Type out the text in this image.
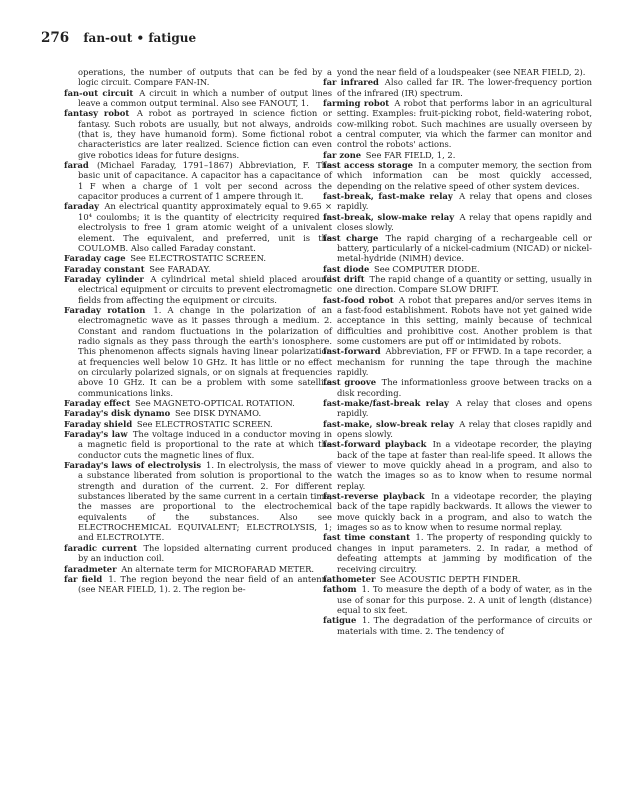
276 fan-out • fatigue

operations, the number of outputs that can be fed by a logic circuit. Compare FAN-IN.

fan-out circuit A circuit in which a number of output lines leave a common output terminal. Also see FANOUT, 1.

fantasy robot A robot as portrayed in science fiction or fantasy. Such robots are usually, but not always, androids (that is, they have humanoid form). Some fictional robot characteristics are later realized. Science fiction can even give robotics ideas for future designs.

farad (Michael Faraday, 1791–1867) Abbreviation, F. The basic unit of capacitance. A capacitor has a capacitance of 1 F when a charge of 1 volt per second across the capacitor produces a current of 1 ampere through it.

faraday An electrical quantity approximately equal to 9.65 × 10⁴ coulombs; it is the quantity of electricity required in electrolysis to free 1 gram atomic weight of a univalent element. The equivalent, and preferred, unit is the COULOMB. Also called Faraday constant.

Faraday cage See ELECTROSTATIC SCREEN.

Faraday constant See FARADAY.

Faraday cylinder A cylindrical metal shield placed around electrical equipment or circuits to prevent electromagnetic fields from affecting the equipment or circuits.

Faraday rotation 1. A change in the polarization of an electromagnetic wave as it passes through a medium. 2. Constant and random fluctuations in the polarization of radio signals as they pass through the earth's ionosphere. This phenomenon affects signals having linear polarization at frequencies well below 10 GHz. It has little or no effect on circularly polarized signals, or on signals at frequencies above 10 GHz. It can be a problem with some satellite communications links.

Faraday effect See MAGNETO-OPTICAL ROTATION.

Faraday's disk dynamo See DISK DYNAMO.

Faraday shield See ELECTROSTATIC SCREEN.

Faraday's law The voltage induced in a conductor moving in a magnetic field is proportional to the rate at which the conductor cuts the magnetic lines of flux.

Faraday's laws of electrolysis 1. In electrolysis, the mass of a substance liberated from solution is proportional to the strength and duration of the current. 2. For different substances liberated by the same current in a certain time, the masses are proportional to the electrochemical equivalents of the substances. Also see ELECTROCHEMICAL EQUIVALENT; ELECTROLYSIS, 1; and ELECTROLYTE.

faradic current The lopsided alternating current produced by an induction coil.

faradmeter An alternate term for MICROFARAD METER.

far field 1. The region beyond the near field of an antenna (see NEAR FIELD, 1). 2. The region be-

yond the near field of a loudspeaker (see NEAR FIELD, 2).

far infrared Also called far IR. The lower-frequency portion of the infrared (IR) spectrum.

farming robot A robot that performs labor in an agricultural setting. Examples: fruit-picking robot, field-watering robot, cow-milking robot. Such machines are usually overseen by a central computer, via which the farmer can monitor and control the robots' actions.

far zone See FAR FIELD, 1, 2.

fast access storage In a computer memory, the section from which information can be most quickly accessed, depending on the relative speed of other system devices.

fast-break, fast-make relay A relay that opens and closes rapidly.

fast-break, slow-make relay A relay that opens rapidly and closes slowly.

fast charge The rapid charging of a rechargeable cell or battery, particularly of a nickel-cadmium (NICAD) or nickel-metal-hydride (NiMH) device.

fast diode See COMPUTER DIODE.

fast drift The rapid change of a quantity or setting, usually in one direction. Compare SLOW DRIFT.

fast-food robot A robot that prepares and/or serves items in a fast-food establishment. Robots have not yet gained wide acceptance in this setting, mainly because of technical difficulties and prohibitive cost. Another problem is that some customers are put off or intimidated by robots.

fast-forward Abbreviation, FF or FFWD. In a tape recorder, a mechanism for running the tape through the machine rapidly.

fast groove The informationless groove between tracks on a disk recording.

fast-make/fast-break relay A relay that closes and opens rapidly.

fast-make, slow-break relay A relay that closes rapidly and opens slowly.

fast-forward playback In a videotape recorder, the playing back of the tape at faster than real-life speed. It allows the viewer to move quickly ahead in a program, and also to watch the images so as to know when to resume normal replay.

fast-reverse playback In a videotape recorder, the playing back of the tape rapidly backwards. It allows the viewer to move quickly back in a program, and also to watch the images so as to know when to resume normal replay.

fast time constant 1. The property of responding quickly to changes in input parameters. 2. In radar, a method of defeating attempts at jamming by modification of the receiving circuitry.

fathometer See ACOUSTIC DEPTH FINDER.

fathom 1. To measure the depth of a body of water, as in the use of sonar for this purpose. 2. A unit of length (distance) equal to six feet.

fatigue 1. The degradation of the performance of circuits or materials with time. 2. The tendency of
